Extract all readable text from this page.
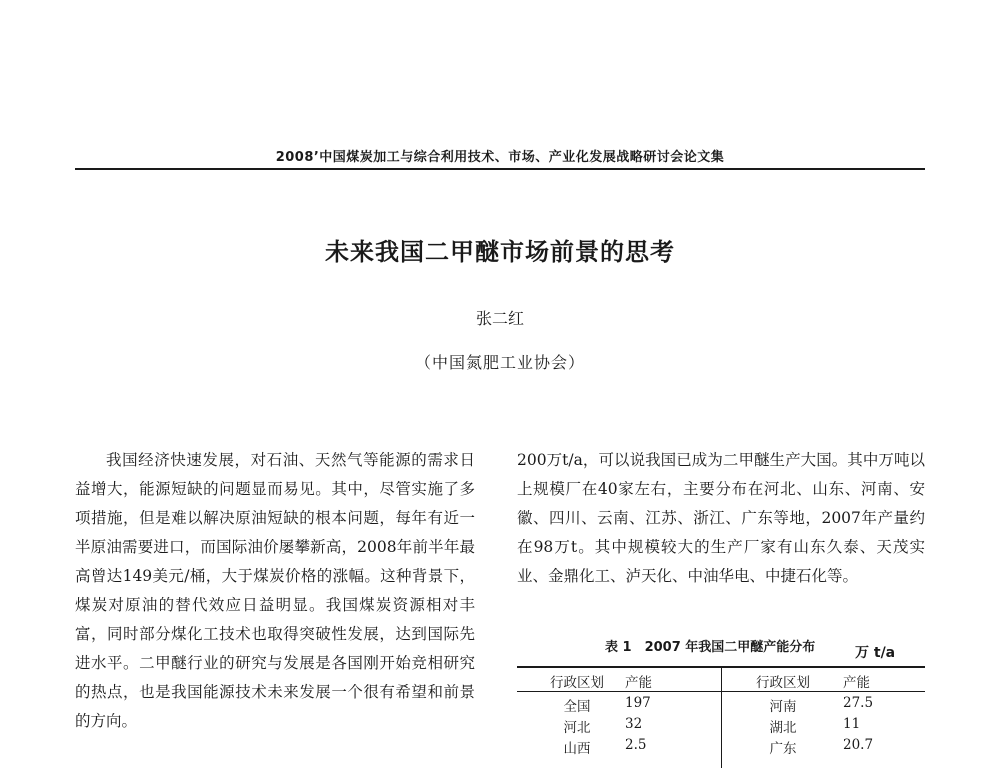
2008’中国煤炭加工与综合利用技术、市场、产业化发展战略研讨会论文集
未来我国二甲醚市场前景的思考
张二红
（中国氮肥工业协会）

我国经济快速发展，对石油、天然气等能源的需求日益增大，能源短缺的问题显而易见。其中，尽管实施了多项措施，但是难以解决原油短缺的根本问题，每年有近一半原油需要进口，而国际油价屡攀新高，2008年前半年最高曾达149美元/桶，大于煤炭价格的涨幅。这种背景下，煤炭对原油的替代效应日益明显。我国煤炭资源相对丰富，同时部分煤化工技术也取得突破性发展，达到国际先进水平。二甲醚行业的研究与发展是各国刚开始竞相研究的热点，也是我国能源技术未来发展一个很有希望和前景的方向。

200万t/a，可以说我国已成为二甲醚生产大国。其中万吨以上规模厂在40家左右，主要分布在河北、山东、河南、安徽、四川、云南、江苏、浙江、广东等地，2007年产量约在98万t。其中规模较大的生产厂家有山东久泰、天茂实业、金鼎化工、泸天化、中油华电、中捷石化等。

表 1　2007 年我国二甲醚产能分布	万 t/a
行政区划	产能	行政区划	产能
全国	197	河南	27.5
河北	32	湖北	11
山西	2.5	广东	20.7
